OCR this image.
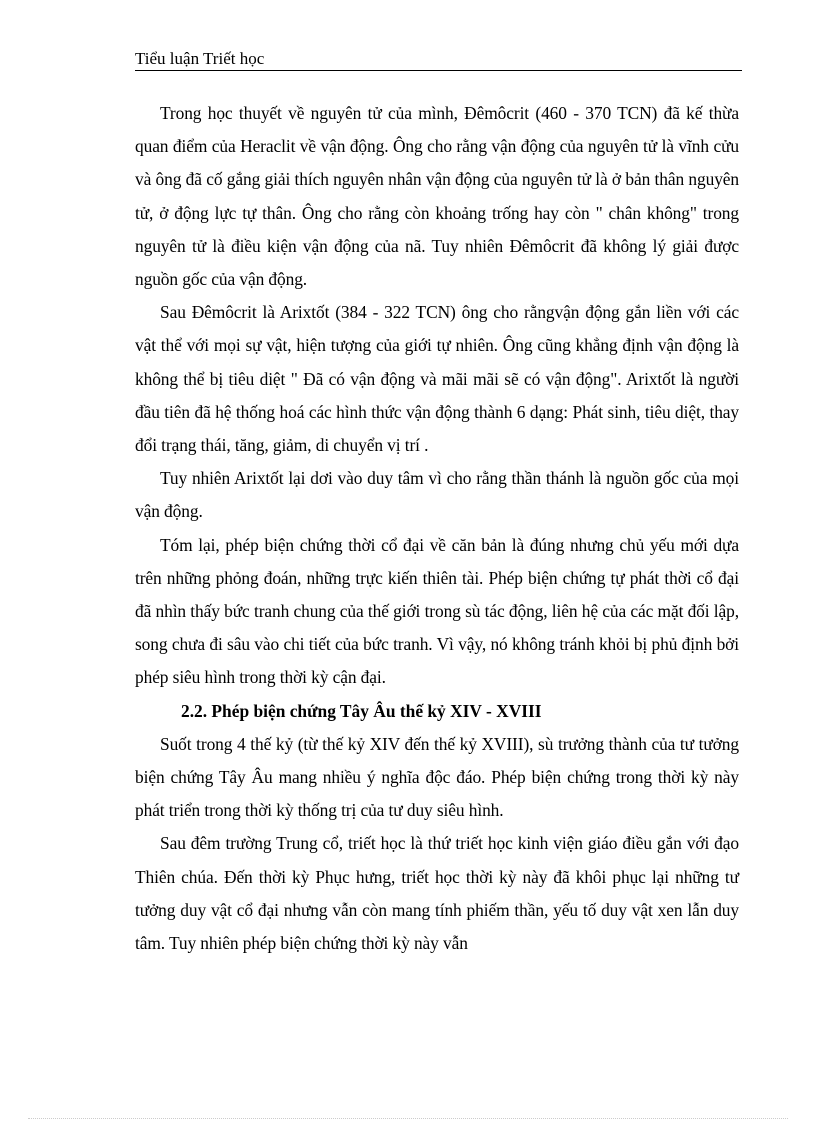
Tiểu luận Triết học

Trong học thuyết về nguyên tử của mình, Đêmôcrit (460 - 370 TCN) đã kế thừa quan điểm của Heraclit về vận động. Ông cho rằng vận động của nguyên tử là vĩnh cửu và ông đã cố gắng giải thích nguyên nhân vận động của nguyên tử là ở bản thân nguyên tử, ở động lực tự thân. Ông cho rằng còn khoảng trống hay còn " chân không" trong nguyên tử là điều kiện vận động của nã. Tuy nhiên Đêmôcrit đã không lý giải được nguồn gốc của vận động.

Sau Đêmôcrit là Arixtốt (384 - 322 TCN) ông cho rằngvận động gắn liền với các vật thể với mọi sự vật, hiện tượng của giới tự nhiên. Ông cũng khẳng định vận động là không thể bị tiêu diệt " Đã có vận động và mãi mãi sẽ có vận động". Arixtốt là người đầu tiên đã hệ thống hoá các hình thức vận động thành 6 dạng: Phát sinh, tiêu diệt, thay đổi trạng thái, tăng, giảm, di chuyển vị trí .

Tuy nhiên Arixtốt lại dơi vào duy tâm vì cho rằng thần thánh là nguồn gốc của mọi vận động.

Tóm lại, phép biện chứng thời cổ đại về căn bản là đúng nhưng chủ yếu mới dựa trên những phỏng đoán, những trực kiến thiên tài. Phép biện chứng tự phát thời cổ đại đã nhìn thấy bức tranh chung của thế giới trong sù tác động, liên hệ của các mặt đối lập, song chưa đi sâu vào chi tiết của bức tranh. Vì vậy, nó không tránh khỏi bị phủ định bởi phép siêu hình trong thời kỳ cận đại.

2.2. Phép biện chứng Tây Âu thế kỷ XIV - XVIII

Suốt trong 4 thế kỷ (từ thế kỷ XIV đến thế kỷ XVIII), sù trưởng thành của tư tưởng biện chứng Tây Âu mang nhiều ý nghĩa độc đáo. Phép biện chứng trong thời kỳ này phát triển trong thời kỳ thống trị của tư duy siêu hình.

Sau đêm trường Trung cổ, triết học là thứ triết học kinh viện giáo điều gắn với đạo Thiên chúa. Đến thời kỳ Phục hưng, triết học thời kỳ này đã khôi phục lại những tư tưởng duy vật cổ đại nhưng vẫn còn mang tính phiếm thần, yếu tố duy vật xen lẫn duy tâm. Tuy nhiên phép biện chứng thời kỳ này vẫn
